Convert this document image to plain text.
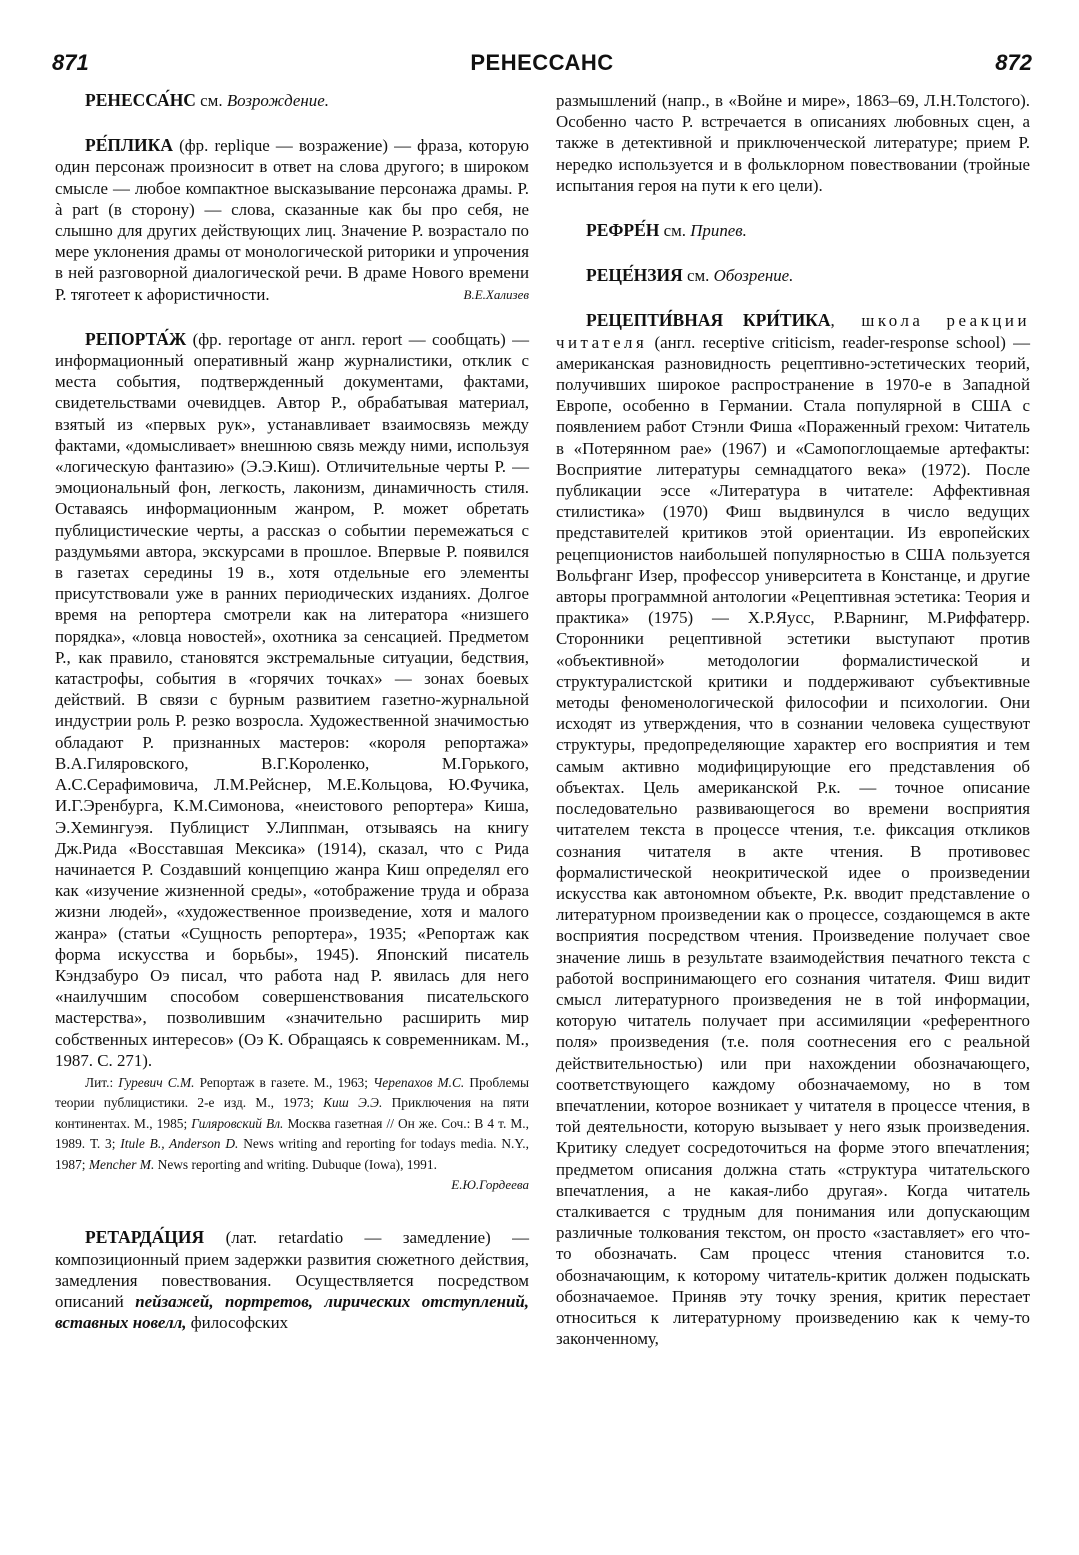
871	РЕНЕССАНС	872

РЕНЕССА́НС см. Возрождение.

РЕ́ПЛИКА (фр. replique — возражение) — фраза, которую один персонаж произносит в ответ на слова другого; в широком смысле — любое компактное высказывание персонажа драмы. Р. à part (в сторону) — слова, сказанные как бы про себя, не слышно для других действующих лиц. Значение Р. возрастало по мере уклонения драмы от монологической риторики и упрочения в ней разговорной диалогической речи. В драме Нового времени Р. тяготеет к афористичности.	В.Е.Хализев

РЕПОРТА́Ж (фр. reportage от англ. report — сообщать) — информационный оперативный жанр журналистики, отклик с места события, подтвержденный документами, фактами, свидетельствами очевидцев. Автор Р., обрабатывая материал, взятый из «первых рук», устанавливает взаимосвязь между фактами, «домысливает» внешнюю связь между ними, используя «логическую фантазию» (Э.Э.Киш). Отличительные черты Р. — эмоциональный фон, легкость, лаконизм, динамичность стиля. Оставаясь информационным жанром, Р. может обретать публицистические черты, а рассказ о событии перемежаться с раздумьями автора, экскурсами в прошлое. Впервые Р. появился в газетах середины 19 в., хотя отдельные его элементы присутствовали уже в ранних периодических изданиях. Долгое время на репортера смотрели как на литератора «низшего порядка», «ловца новостей», охотника за сенсацией. Предметом Р., как правило, становятся экстремальные ситуации, бедствия, катастрофы, события в «горячих точках» — зонах боевых действий. В связи с бурным развитием газетно-журнальной индустрии роль Р. резко возросла. Художественной значимостью обладают Р. признанных мастеров: «короля репортажа» В.А.Гиляровского, В.Г.Короленко, М.Горького, А.С.Серафимовича, Л.М.Рейснер, М.Е.Кольцова, Ю.Фучика, И.Г.Эренбурга, К.М.Симонова, «неистового репортера» Киша, Э.Хемингуэя. Публицист У.Липпман, отзываясь на книгу Дж.Рида «Восставшая Мексика» (1914), сказал, что с Рида начинается Р. Создавший концепцию жанра Киш определял его как «изучение жизненной среды», «отображение труда и образа жизни людей», «художественное произведение, хотя и малого жанра» (статьи «Сущность репортера», 1935; «Репортаж как форма искусства и борьбы», 1945). Японский писатель Кэндзабуро Оэ писал, что работа над Р. явилась для него «наилучшим способом совершенствования писательского мастерства», позволившим «значительно расширить мир собственных интересов» (Оэ К. Обращаясь к современникам. М., 1987. С. 271).

Лит.: Гуревич С.М. Репортаж в газете. М., 1963; Черепахов М.С. Проблемы теории публицистики. 2-е изд. М., 1973; Киш Э.Э. Приключения на пяти континентах. М., 1985; Гиляровский Вл. Москва газетная // Он же. Соч.: В 4 т. М., 1989. Т. 3; Itule B., Anderson D. News writing and reporting for todays media. N.Y., 1987; Mencher M. News reporting and writing. Dubuque (Iowa), 1991.

Е.Ю.Гордеева

РЕТАРДА́ЦИЯ (лат. retardatio — замедление) — композиционный прием задержки развития сюжетного действия, замедления повествования. Осуществляется посредством описаний пейзажей, портретов, лирических отступлений, вставных новелл, философских

размышлений (напр., в «Войне и мире», 1863–69, Л.Н.Толстого). Особенно часто Р. встречается в описаниях любовных сцен, а также в детективной и приключенческой литературе; прием Р. нередко используется и в фольклорном повествовании (тройные испытания героя на пути к его цели).

РЕФРЕ́Н см. Припев.

РЕЦЕ́НЗИЯ см. Обозрение.

РЕЦЕПТИ́ВНАЯ КРИ́ТИКА, школа реакции читателя (англ. receptive criticism, reader-response school) — американская разновидность рецептивно-эстетических теорий, получивших широкое распространение в 1970-е в Западной Европе, особенно в Германии. Стала популярной в США с появлением работ Стэнли Фиша «Пораженный грехом: Читатель в «Потерянном рае» (1967) и «Самопоглощаемые артефакты: Восприятие литературы семнадцатого века» (1972). После публикации эссе «Литература в читателе: Аффективная стилистика» (1970) Фиш выдвинулся в число ведущих представителей критиков этой ориентации. Из европейских рецепционистов наибольшей популярностью в США пользуется Вольфганг Изер, профессор университета в Констанце, и другие авторы программной антологии «Рецептивная эстетика: Теория и практика» (1975) — Х.Р.Яусс, Р.Варнинг, М.Риффатерр. Сторонники рецептивной эстетики выступают против «объективной» методологии формалистической и структуралистской критики и поддерживают субъективные методы феноменологической философии и психологии. Они исходят из утверждения, что в сознании человека существуют структуры, предопределяющие характер его восприятия и тем самым активно модифицирующие его представления об объектах. Цель американской Р.к. — точное описание последовательно развивающегося во времени восприятия читателем текста в процессе чтения, т.е. фиксация откликов сознания читателя в акте чтения. В противовес формалистической неокритической идее о произведении искусства как автономном объекте, Р.к. вводит представление о литературном произведении как о процессе, создающемся в акте восприятия посредством чтения. Произведение получает свое значение лишь в результате взаимодействия печатного текста с работой воспринимающего его сознания читателя. Фиш видит смысл литературного произведения не в той информации, которую читатель получает при ассимиляции «референтного поля» произведения (т.е. поля соотнесения его с реальной действительностью) или при нахождении обозначающего, соответствующего каждому обозначаемому, но в том впечатлении, которое возникает у читателя в процессе чтения, в той деятельности, которую вызывает у него язык произведения. Критику следует сосредоточиться на форме этого впечатления; предметом описания должна стать «структура читательского впечатления, а не какая-либо другая». Когда читатель сталкивается с трудным для понимания или допускающим различные толкования текстом, он просто «заставляет» его что-то обозначать. Сам процесс чтения становится т.о. обозначающим, к которому читатель-критик должен подыскать обозначаемое. Приняв эту точку зрения, критик перестает относиться к литературному произведению как к чему-то законченному,
